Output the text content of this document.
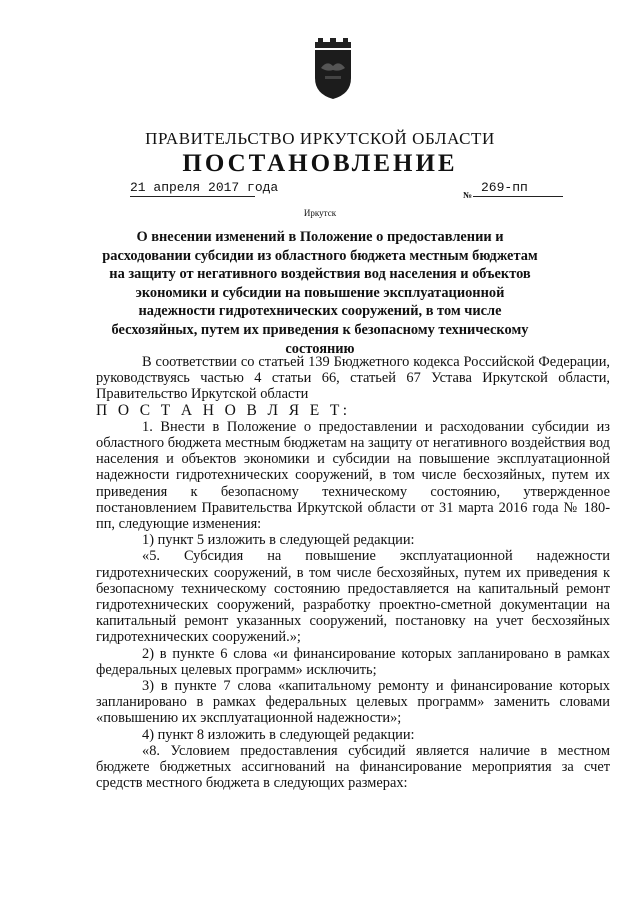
ПРАВИТЕЛЬСТВО ИРКУТСКОЙ ОБЛАСТИ
ПОСТАНОВЛЕНИЕ
21 апреля 2017 года	№ 269-пп
Иркутск
О внесении изменений в Положение о предоставлении и расходовании субсидии из областного бюджета местным бюджетам на защиту от негативного воздействия вод населения и объектов экономики и субсидии на повышение эксплуатационной надежности гидротехнических сооружений, в том числе бесхозяйных, путем их приведения к безопасному техническому состоянию

В соответствии со статьей 139 Бюджетного кодекса Российской Федерации, руководствуясь частью 4 статьи 66, статьей 67 Устава Иркутской области, Правительство Иркутской области

П О С Т А Н О В Л Я Е Т:

1. Внести в Положение о предоставлении и расходовании субсидии из областного бюджета местным бюджетам на защиту от негативного воздействия вод населения и объектов экономики и субсидии на повышение эксплуатационной надежности гидротехнических сооружений, в том числе бесхозяйных, путем их приведения к безопасному техническому состоянию, утвержденное постановлением Правительства Иркутской области от 31 марта 2016 года № 180-пп, следующие изменения:

1) пункт 5 изложить в следующей редакции:

«5. Субсидия на повышение эксплуатационной надежности гидротехнических сооружений, в том числе бесхозяйных, путем их приведения к безопасному техническому состоянию предоставляется на капитальный ремонт гидротехнических сооружений, разработку проектно-сметной документации на капитальный ремонт указанных сооружений, постановку на учет бесхозяйных гидротехнических сооружений.»;

2) в пункте 6 слова «и финансирование которых запланировано в рамках федеральных целевых программ» исключить;

3) в пункте 7 слова «капитальному ремонту и финансирование которых запланировано в рамках федеральных целевых программ» заменить словами «повышению их эксплуатационной надежности»;

4) пункт 8 изложить в следующей редакции:

«8. Условием предоставления субсидий является наличие в местном бюджете бюджетных ассигнований на финансирование мероприятия за счет средств местного бюджета в следующих размерах:
